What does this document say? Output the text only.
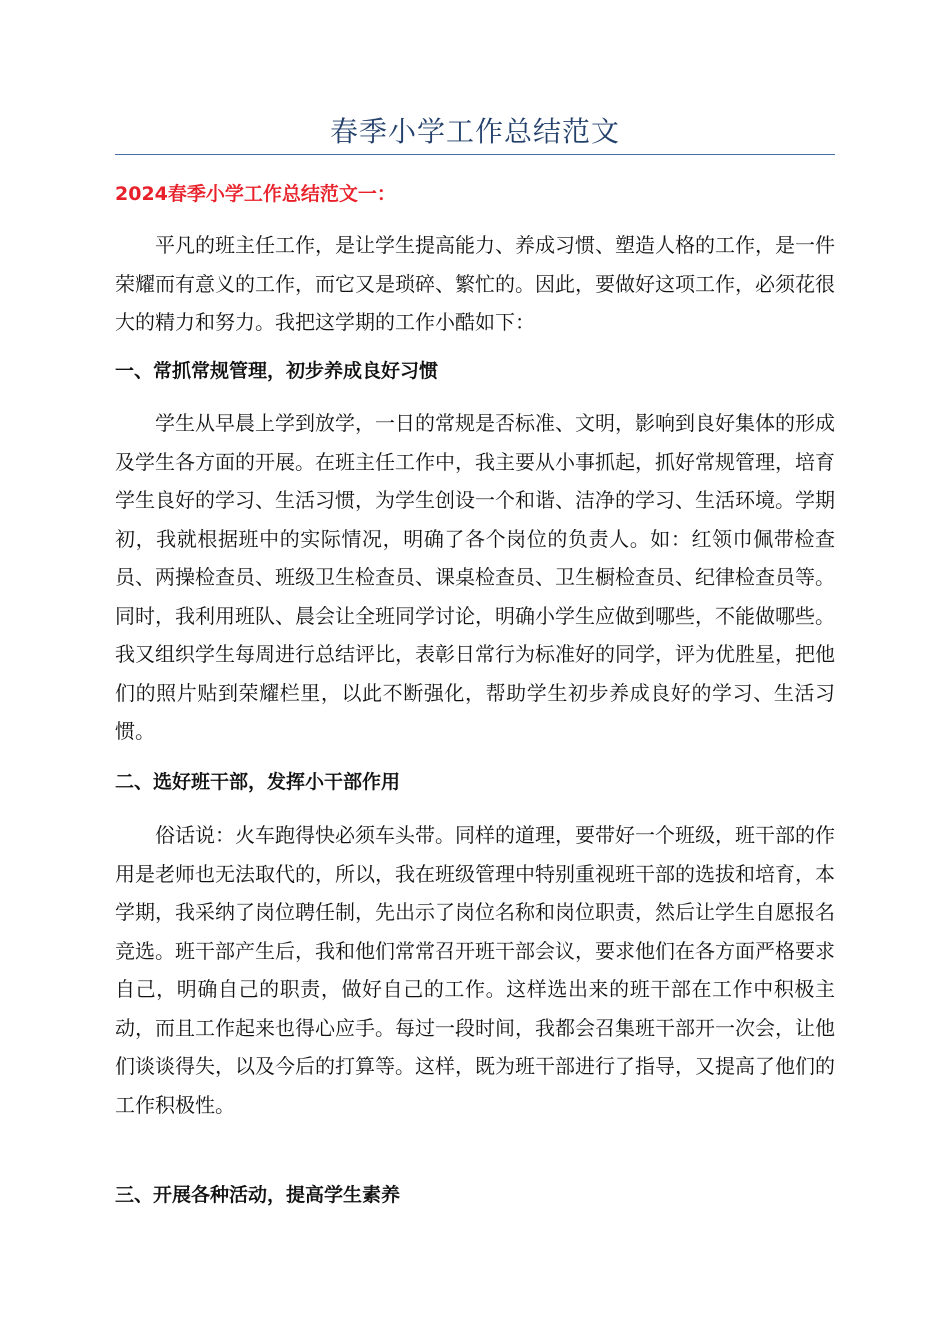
春季小学工作总结范文
2024春季小学工作总结范文一：

平凡的班主任工作，是让学生提高能力、养成习惯、塑造人格的工作，是一件荣耀而有意义的工作，而它又是琐碎、繁忙的。因此，要做好这项工作，必须花很大的精力和努力。我把这学期的工作小酷如下：

一、常抓常规管理，初步养成良好习惯

学生从早晨上学到放学，一日的常规是否标准、文明，影响到良好集体的形成及学生各方面的开展。在班主任工作中，我主要从小事抓起，抓好常规管理，培育学生良好的学习、生活习惯，为学生创设一个和谐、洁净的学习、生活环境。学期初，我就根据班中的实际情况，明确了各个岗位的负责人。如：红领巾佩带检查员、两操检查员、班级卫生检查员、课桌检查员、卫生橱检查员、纪律检查员等。同时，我利用班队、晨会让全班同学讨论，明确小学生应做到哪些，不能做哪些。我又组织学生每周进行总结评比，表彰日常行为标准好的同学，评为优胜星，把他们的照片贴到荣耀栏里，以此不断强化，帮助学生初步养成良好的学习、生活习惯。

二、选好班干部，发挥小干部作用

俗话说：火车跑得快必须车头带。同样的道理，要带好一个班级，班干部的作用是老师也无法取代的，所以，我在班级管理中特别重视班干部的选拔和培育，本学期，我采纳了岗位聘任制，先出示了岗位名称和岗位职责，然后让学生自愿报名竞选。班干部产生后，我和他们常常召开班干部会议，要求他们在各方面严格要求自己，明确自己的职责，做好自己的工作。这样选出来的班干部在工作中积极主动，而且工作起来也得心应手。每过一段时间，我都会召集班干部开一次会，让他们谈谈得失，以及今后的打算等。这样，既为班干部进行了指导，又提高了他们的工作积极性。

三、开展各种活动，提高学生素养
